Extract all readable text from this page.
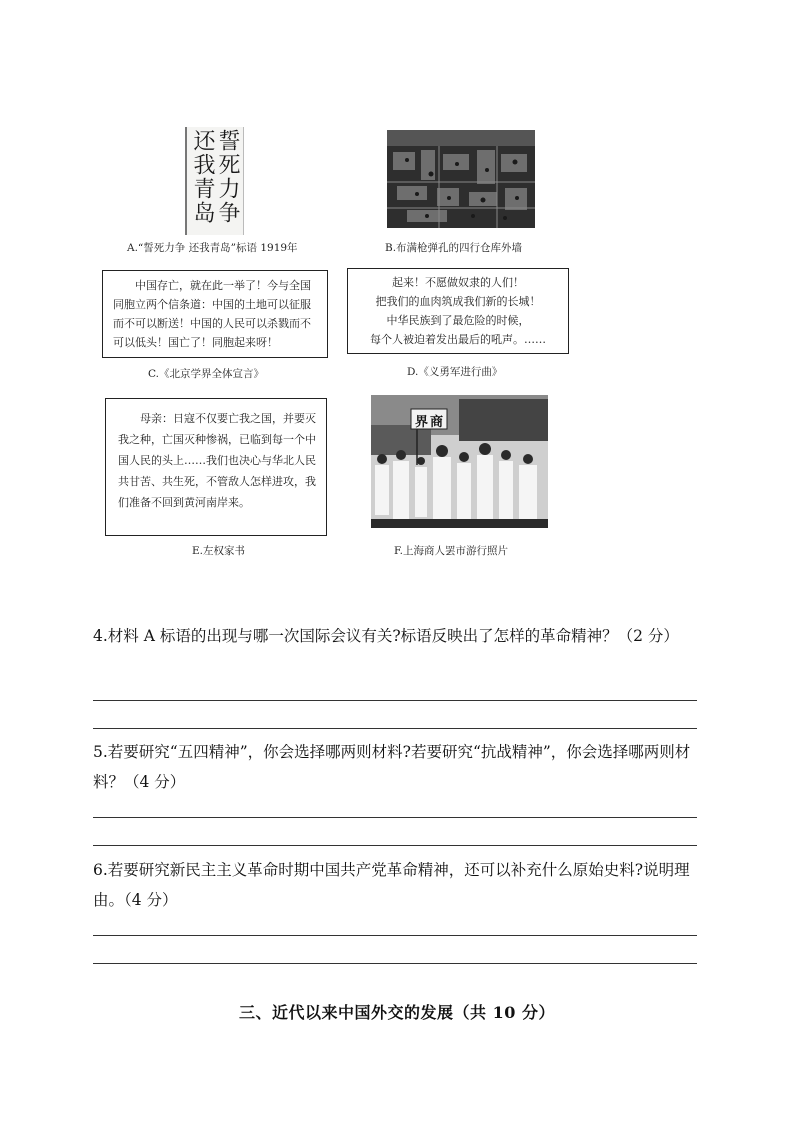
誓死力争
还我青岛
A.“誓死力争 还我青岛”标语 1919年	B.布满枪弹孔的四行仓库外墙
中国存亡，就在此一举了！今与全国同胞立两个信条道：中国的土地可以征服而不可以断送！中国的人民可以杀戮而不可以低头！国亡了！同胞起来呀！
C.《北京学界全体宣言》
起来！不愿做奴隶的人们！
把我们的血肉筑成我们新的长城！
中华民族到了最危险的时候，
每个人被迫着发出最后的吼声。……
D.《义勇军进行曲》
母亲：日寇不仅要亡我之国，并要灭我之种，亡国灭种惨祸，已临到每一个中国人民的头上……我们也决心与华北人民共甘苦、共生死，不管敌人怎样进攻，我们准备不回到黄河南岸来。
E.左权家书
界商
F.上海商人罢市游行照片
4.材料 A 标语的出现与哪一次国际会议有关?标语反映出了怎样的革命精神？（2 分）
5.若要研究“五四精神”，你会选择哪两则材料?若要研究“抗战精神”，你会选择哪两则材料？（4 分）
6.若要研究新民主主义革命时期中国共产党革命精神，还可以补充什么原始史料?说明理由。（4 分）
三、近代以来中国外交的发展（共 10 分）
